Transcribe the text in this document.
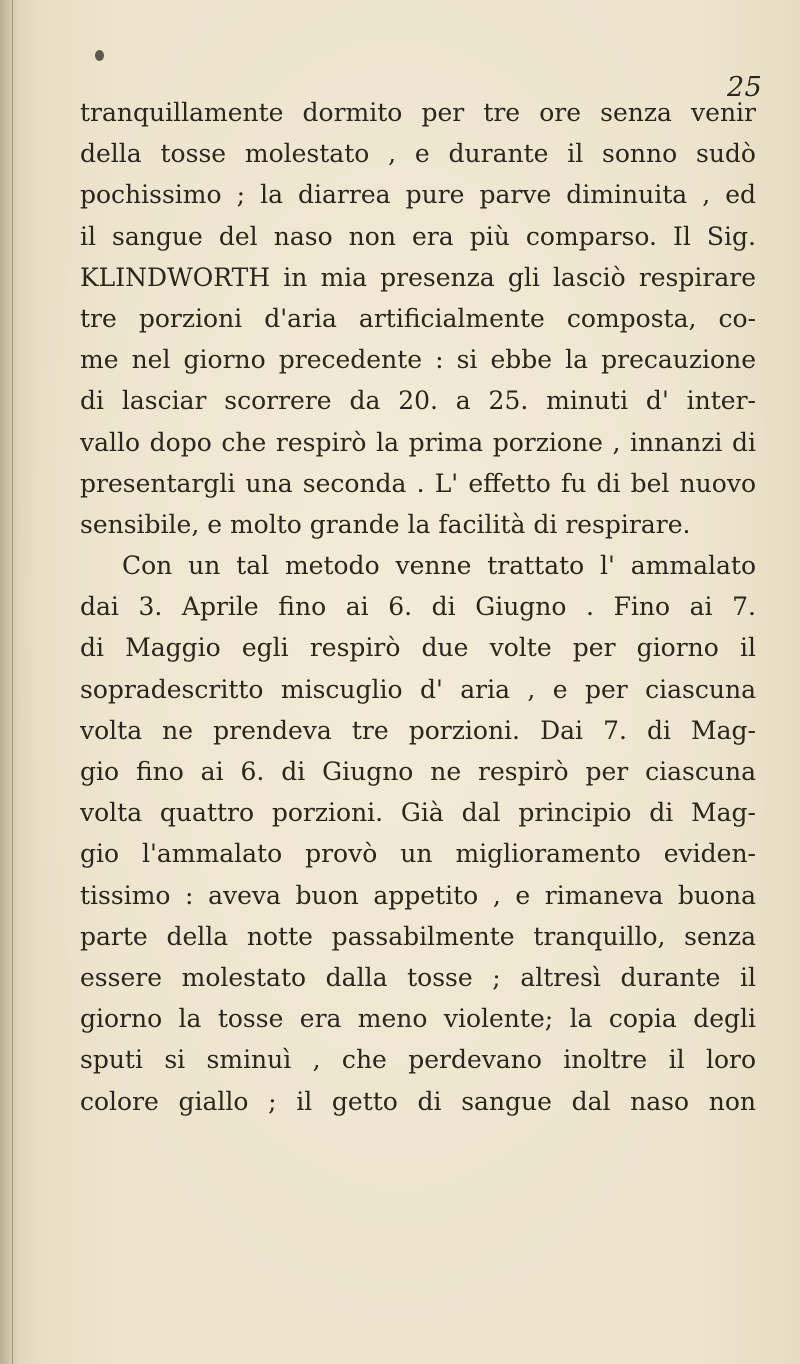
25
tranquillamente dormito per tre ore senza venir
della tosse molestato , e durante il sonno sudò
pochissimo ; la diarrea pure parve diminuita , ed
il sangue del naso non era più comparso. Il Sig.
KLINDWORTH in mia presenza gli lasciò respirare
tre porzioni d'aria artificialmente composta, co-
me nel giorno precedente : si ebbe la precauzione
di lasciar scorrere da 20. a 25. minuti d' inter-
vallo dopo che respirò la prima porzione , innanzi di
presentargli una seconda . L' effetto fu di bel nuovo
sensibile, e molto grande la facilità di respirare.
Con un tal metodo venne trattato l' ammalato
dai 3. Aprile fino ai 6. di Giugno . Fino ai 7.
di Maggio egli respirò due volte per giorno il
sopradescritto miscuglio d' aria , e per ciascuna
volta ne prendeva tre porzioni. Dai 7. di Mag-
gio fino ai 6. di Giugno ne respirò per ciascuna
volta quattro porzioni. Già dal principio di Mag-
gio l'ammalato provò un miglioramento eviden-
tissimo : aveva buon appetito , e rimaneva buona
parte della notte passabilmente tranquillo, senza
essere molestato dalla tosse ; altresì durante il
giorno la tosse era meno violente; la copia degli
sputi si sminuì , che perdevano inoltre il loro
colore giallo ; il getto di sangue dal naso non
